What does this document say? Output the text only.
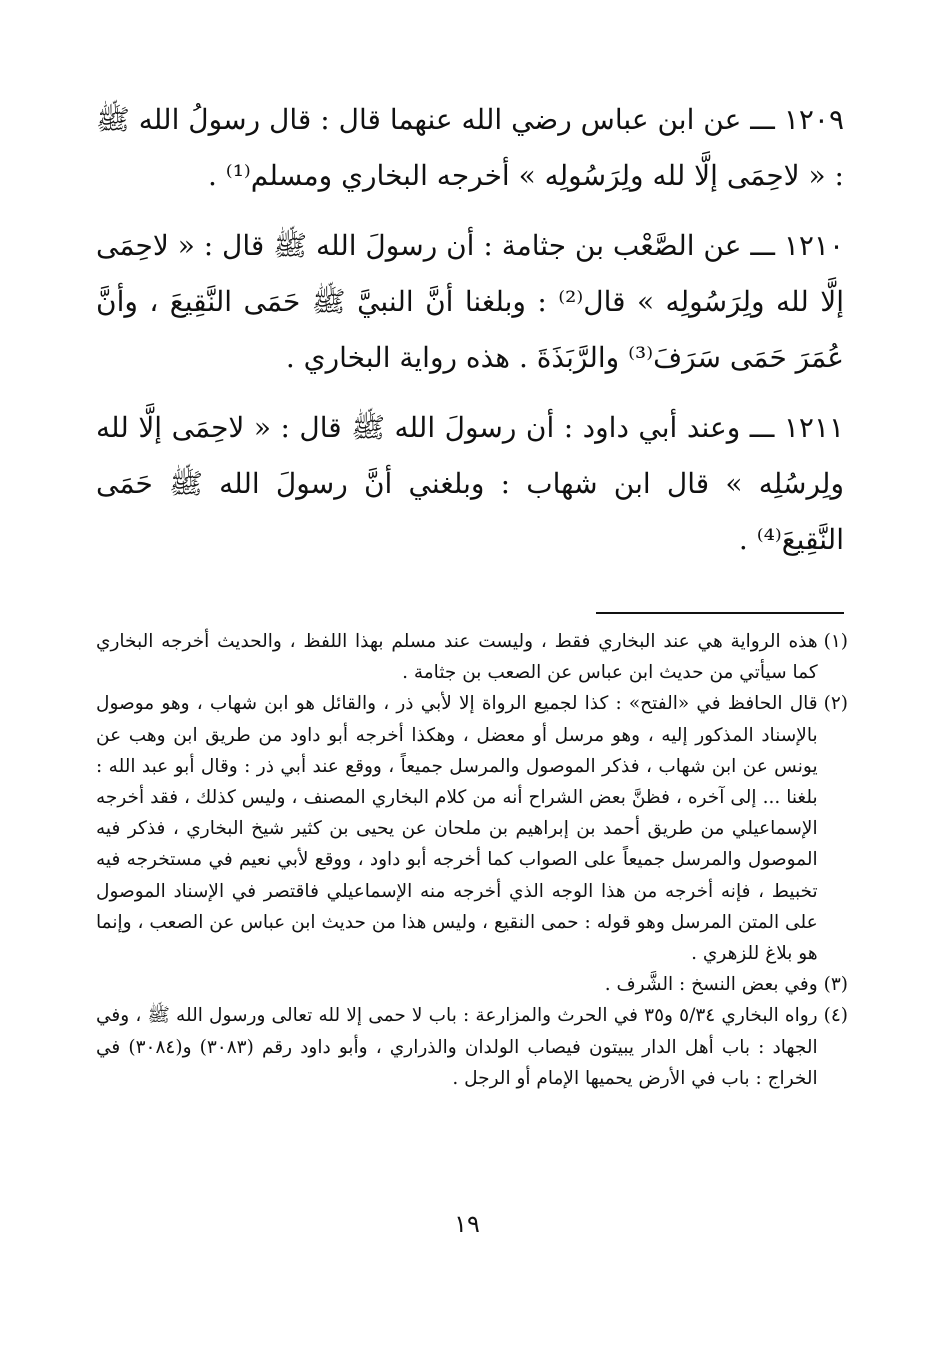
١٢٠٩ ـــ عن ابن عباس رضي الله عنهما قال : قال رسولُ الله ﷺ : « لاحِمَى إلَّا لله ولِرَسُولِه » أخرجه البخاري ومسلم⁽¹⁾ .

١٢١٠ ـــ عن الصَّعْب بن جثامة : أن رسولَ الله ﷺ قال : « لاحِمَى إلَّا لله ولِرَسُولِه » قال⁽²⁾ : وبلغنا أنَّ النبيَّ ﷺ حَمَى النَّقِيعَ ، وأنَّ عُمَرَ حَمَى سَرَفَ⁽³⁾ والرَّبَذَةَ . هذه رواية البخاري .

١٢١١ ـــ وعند أبي داود : أن رسولَ الله ﷺ قال : « لاحِمَى إلَّا لله ولِرسُلِه » قال ابن شهاب : وبلغني أنَّ رسولَ الله ﷺ حَمَى النَّقِيعَ⁽⁴⁾ .

(١)
هذه الرواية هي عند البخاري فقط ، وليست عند مسلم بهذا اللفظ ، والحديث أخرجه البخاري كما سيأتي من حديث ابن عباس عن الصعب بن جثامة .
(٢)
قال الحافظ في «الفتح» : كذا لجميع الرواة إلا لأبي ذر ، والقائل هو ابن شهاب ، وهو موصول بالإسناد المذكور إليه ، وهو مرسل أو معضل ، وهكذا أخرجه أبو داود من طريق ابن وهب عن يونس عن ابن شهاب ، فذكر الموصول والمرسل جميعاً ، ووقع عند أبي ذر : وقال أبو عبد الله : بلغنا ... إلى آخره ، فظنَّ بعض الشراح أنه من كلام البخاري المصنف ، وليس كذلك ، فقد أخرجه الإسماعيلي من طريق أحمد بن إبراهيم بن ملحان عن يحيى بن كثير شيخ البخاري ، فذكر فيه الموصول والمرسل جميعاً على الصواب كما أخرجه أبو داود ، ووقع لأبي نعيم في مستخرجه فيه تخبيط ، فإنه أخرجه من هذا الوجه الذي أخرجه منه الإسماعيلي فاقتصر في الإسناد الموصول على المتن المرسل وهو قوله : حمى النقيع ، وليس هذا من حديث ابن عباس عن الصعب ، وإنما هو بلاغ للزهري .
(٣)
وفي بعض النسخ : الشَّرف .
(٤)
رواه البخاري ٥/٣٤ و٣٥ في الحرث والمزارعة : باب لا حمى إلا لله تعالى ورسول الله ﷺ ، وفي الجهاد : باب أهل الدار يبيتون فيصاب الولدان والذراري ، وأبو داود رقم (٣٠٨٣) و(٣٠٨٤) في الخراج : باب في الأرض يحميها الإمام أو الرجل .
١٩
